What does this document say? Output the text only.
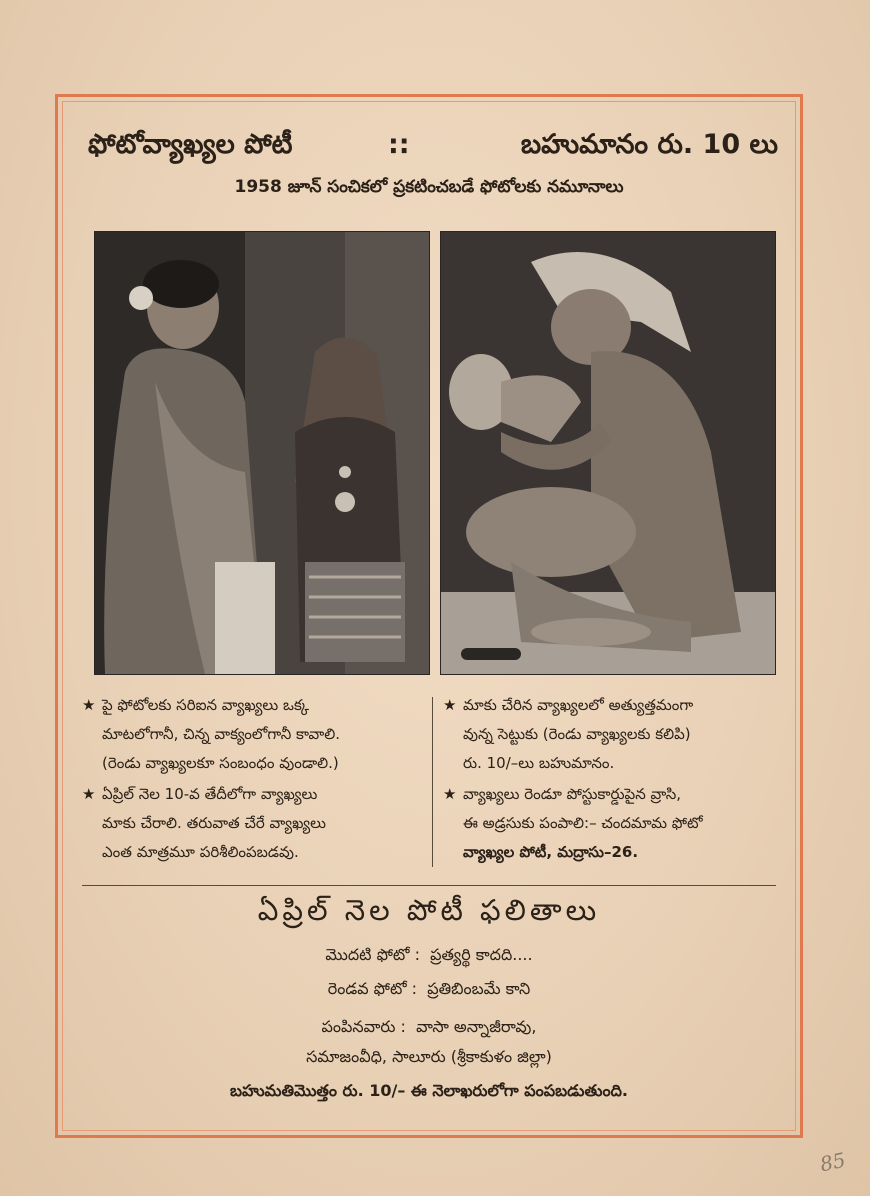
ఫోటోవ్యాఖ్యల పోటీ	::	బహుమానం రు. 10 లు
1958 జూన్ సంచికలో ప్రకటించబడే ఫోటోలకు నమూనాలు
★ పై ఫోటోలకు సరిఐన వ్యాఖ్యలు ఒక్క
మాటలోగానీ, చిన్న వాక్యంలోగానీ కావాలి.
(రెండు వ్యాఖ్యలకూ సంబంధం వుండాలి.)
★ ఏప్రిల్ నెల 10-వ తేదీలోగా వ్యాఖ్యలు
మాకు చేరాలి. తరువాత చేరే వ్యాఖ్యలు
ఎంత మాత్రమూ పరిశీలింపబడవు.
★ మాకు చేరిన వ్యాఖ్యలలో అత్యుత్తమంగా
వున్న సెట్టుకు (రెండు వ్యాఖ్యలకు కలిపి)
రు. 10/–లు బహుమానం.
★ వ్యాఖ్యలు రెండూ పోస్టుకార్డుపైన వ్రాసి,
ఈ అడ్రసుకు పంపాలి:– చందమామ ఫోటో
వ్యాఖ్యల పోటీ, మద్రాసు–26.
ఏప్రిల్ నెల పోటీ ఫలితాలు
మొదటి ఫోటో : ప్రత్యర్థి కాదది....
రెండవ ఫోటో : ప్రతిబింబమే కాని
పంపినవారు : వాసా అన్నాజీరావు,
సమాజంవీధి, సాలూరు (శ్రీకాకుళం జిల్లా)
బహుమతిమొత్తం రు. 10/– ఈ నెలాఖరులోగా పంపబడుతుంది.
85
